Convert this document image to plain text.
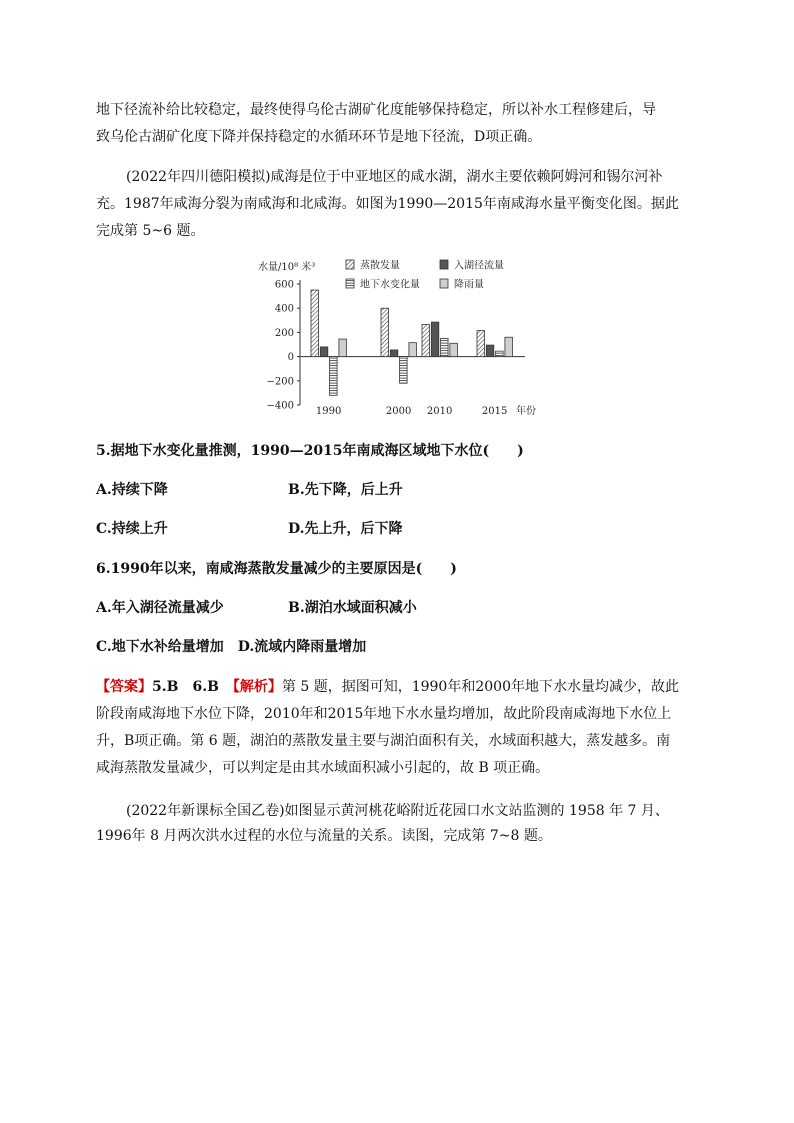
地下径流补给比较稳定，最终使得乌伦古湖矿化度能够保持稳定，所以补水工程修建后，导
致乌伦古湖矿化度下降并保持稳定的水循环环节是地下径流，D项正确。
(2022年四川德阳模拟)咸海是位于中亚地区的咸水湖，湖水主要依赖阿姆河和锡尔河补
充。1987年咸海分裂为南咸海和北咸海。如图为1990—2015年南咸海水量平衡变化图。据此
完成第 5~6 题。
600
400
200
0
−200
−400
水量/10⁸ 米³
1990	2000 2010	2015 年份
蒸散发量	入湖径流量
地下水变化量	降雨量
5.据地下水变化量推测，1990—2015年南咸海区域地下水位(　　)
A.持续下降	B.先下降，后上升
C.持续上升	D.先上升，后下降
6.1990年以来，南咸海蒸散发量减少的主要原因是(　　)
A.年入湖径流量减少	B.湖泊水域面积减小
C.地下水补给量增加　D.流域内降雨量增加
【答案】5.B　6.B　 【解析】第 5 题，据图可知，1990年和2000年地下水水量均减少，故此
阶段南咸海地下水位下降，2010年和2015年地下水水量均增加，故此阶段南咸海地下水位上
升，B项正确。第 6 题，湖泊的蒸散发量主要与湖泊面积有关，水域面积越大，蒸发越多。南
咸海蒸散发量减少，可以判定是由其水域面积减小引起的，故 B 项正确。
(2022年新课标全国乙卷)如图显示黄河桃花峪附近花园口水文站监测的 1958 年 7 月、
1996年 8 月两次洪水过程的水位与流量的关系。读图，完成第 7~8 题。
